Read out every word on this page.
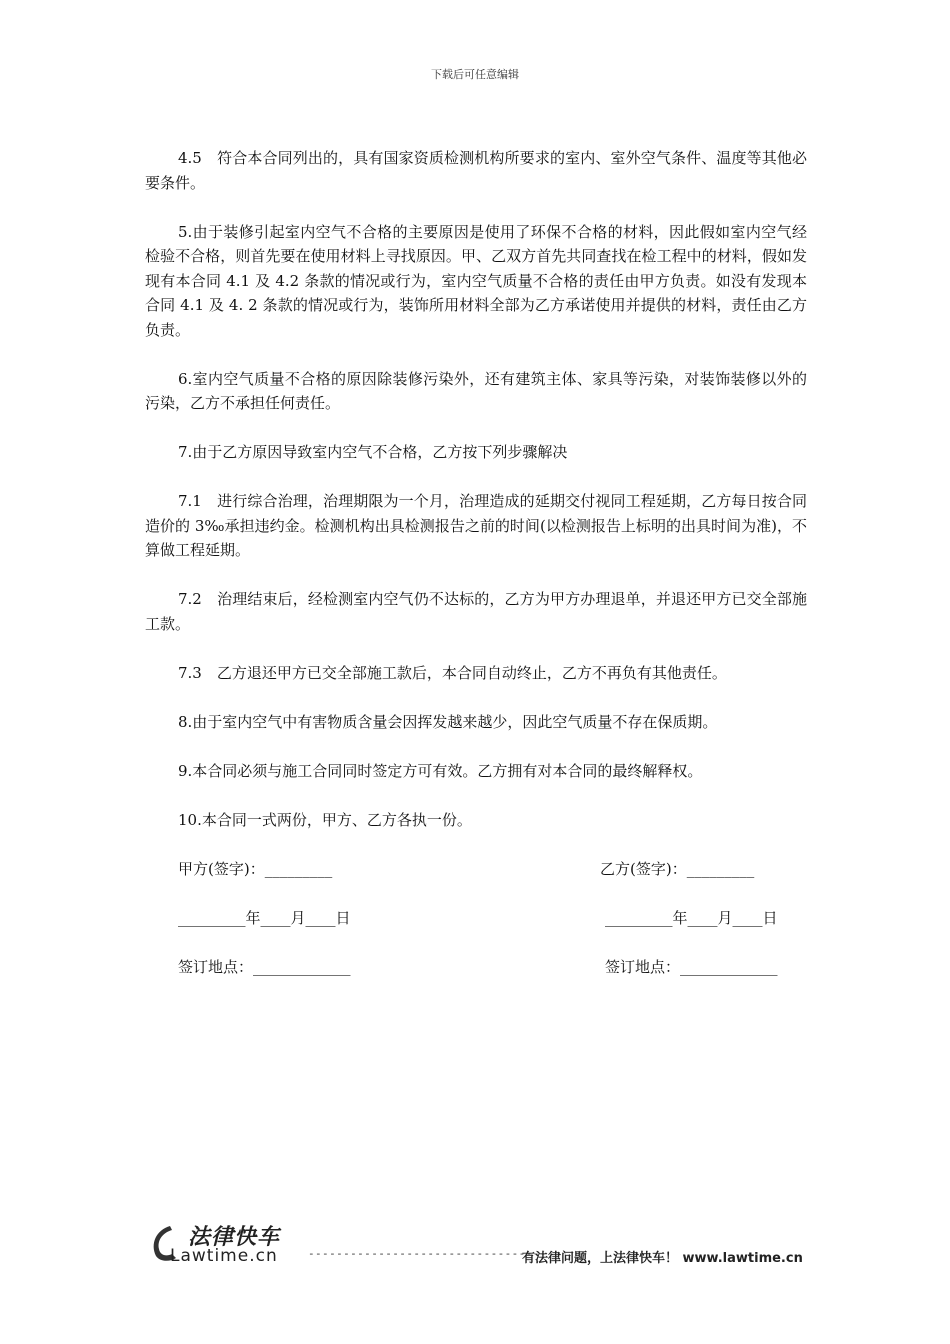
下载后可任意编辑

4.5　符合本合同列出的，具有国家资质检测机构所要求的室内、室外空气条件、温度等其他必要条件。

5.由于装修引起室内空气不合格的主要原因是使用了环保不合格的材料，因此假如室内空气经检验不合格，则首先要在使用材料上寻找原因。甲、乙双方首先共同查找在检工程中的材料，假如发现有本合同 4.1 及 4.2 条款的情况或行为，室内空气质量不合格的责任由甲方负责。如没有发现本合同 4.1 及 4. 2 条款的情况或行为，装饰所用材料全部为乙方承诺使用并提供的材料，责任由乙方负责。

6.室内空气质量不合格的原因除装修污染外，还有建筑主体、家具等污染，对装饰装修以外的污染，乙方不承担任何责任。

7.由于乙方原因导致室内空气不合格，乙方按下列步骤解决

7.1　进行综合治理，治理期限为一个月，治理造成的延期交付视同工程延期，乙方每日按合同造价的 3‰承担违约金。检测机构出具检测报告之前的时间(以检测报告上标明的出具时间为准)，不算做工程延期。

7.2　治理结束后，经检测室内空气仍不达标的，乙方为甲方办理退单，并退还甲方已交全部施工款。

7.3　乙方退还甲方已交全部施工款后，本合同自动终止，乙方不再负有其他责任。

8.由于室内空气中有害物质含量会因挥发越来越少，因此空气质量不存在保质期。

9.本合同必须与施工合同同时签定方可有效。乙方拥有对本合同的最终解释权。

10.本合同一式两份，甲方、乙方各执一份。

甲方(签字)：_________	乙方(签字)：_________
_________年____月____日	_________年____月____日
签订地点：_____________	签订地点：_____________
法律快车
Lawtime.cn	----------------------------------
有法律问题，上法律快车！ www.lawtime.cn
